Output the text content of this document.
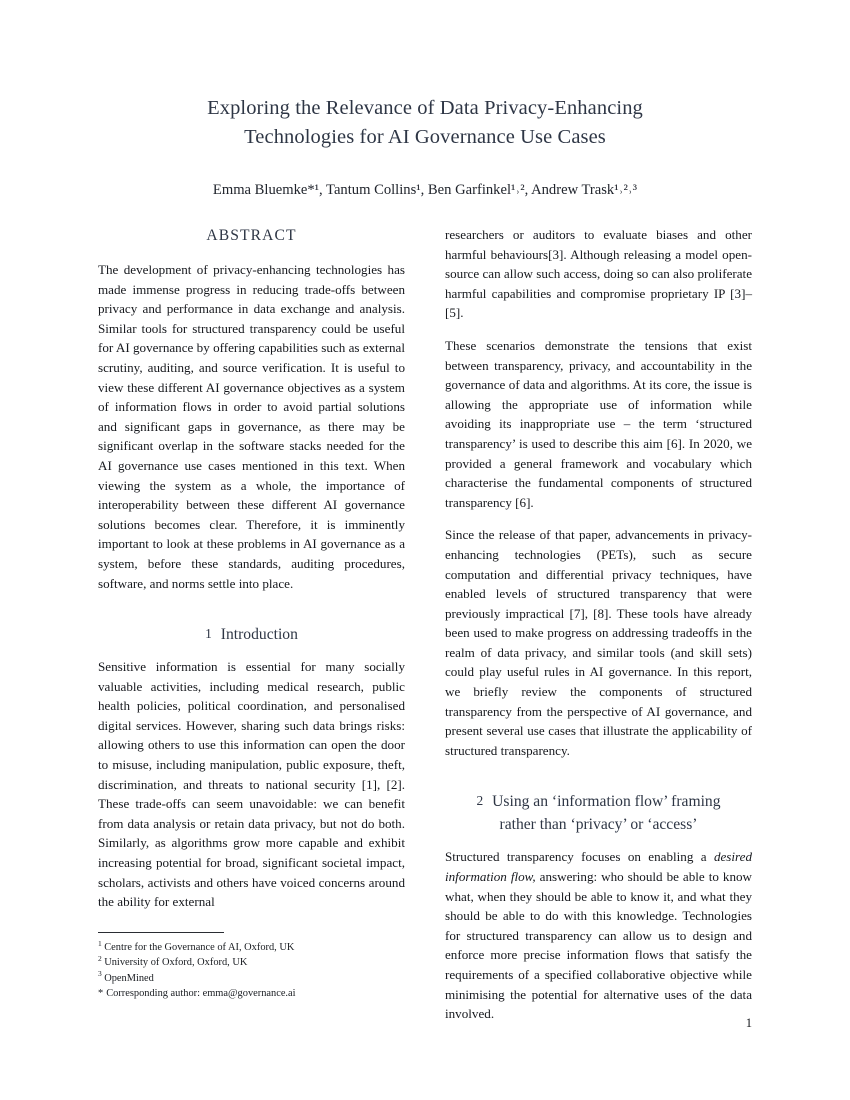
Exploring the Relevance of Data Privacy-Enhancing
Technologies for AI Governance Use Cases

Emma Bluemke*¹, Tantum Collins¹, Ben Garfinkel¹˒², Andrew Trask¹˒²˒³

ABSTRACT

The development of privacy-enhancing technologies has made immense progress in reducing trade-offs between privacy and performance in data exchange and analysis. Similar tools for structured transparency could be useful for AI governance by offering capabilities such as external scrutiny, auditing, and source verification. It is useful to view these different AI governance objectives as a system of information flows in order to avoid partial solutions and significant gaps in governance, as there may be significant overlap in the software stacks needed for the AI governance use cases mentioned in this text. When viewing the system as a whole, the importance of interoperability between these different AI governance solutions becomes clear. Therefore, it is imminently important to look at these problems in AI governance as a system, before these standards, auditing procedures, software, and norms settle into place.

1 Introduction

Sensitive information is essential for many socially valuable activities, including medical research, public health policies, political coordination, and personalised digital services. However, sharing such data brings risks: allowing others to use this information can open the door to misuse, including manipulation, public exposure, theft, discrimination, and threats to national security [1], [2]. These trade-offs can seem unavoidable: we can benefit from data analysis or retain data privacy, but not do both. Similarly, as algorithms grow more capable and exhibit increasing potential for broad, significant societal impact, scholars, activists and others have voiced concerns around the ability for external

researchers or auditors to evaluate biases and other harmful behaviours[3]. Although releasing a model open-source can allow such access, doing so can also proliferate harmful capabilities and compromise proprietary IP [3]–[5].

These scenarios demonstrate the tensions that exist between transparency, privacy, and accountability in the governance of data and algorithms. At its core, the issue is allowing the appropriate use of information while avoiding its inappropriate use – the term ‘structured transparency’ is used to describe this aim [6]. In 2020, we provided a general framework and vocabulary which characterise the fundamental components of structured transparency [6].

Since the release of that paper, advancements in privacy-enhancing technologies (PETs), such as secure computation and differential privacy techniques, have enabled levels of structured transparency that were previously impractical [7], [8]. These tools have already been used to make progress on addressing tradeoffs in the realm of data privacy, and similar tools (and skill sets) could play useful rules in AI governance. In this report, we briefly review the components of structured transparency from the perspective of AI governance, and present several use cases that illustrate the applicability of structured transparency.

2 Using an ‘information flow’ framing
rather than ‘privacy’ or ‘access’

Structured transparency focuses on enabling a desired information flow, answering: who should be able to know what, when they should be able to know it, and what they should be able to do with this knowledge. Technologies for structured transparency can allow us to design and enforce more precise information flows that satisfy the requirements of a specified collaborative objective while minimising the potential for alternative uses of the data involved.

$^1$ Centre for the Governance of AI, Oxford, UK

$^2$ University of Oxford, Oxford, UK

$^3$ OpenMined

* Corresponding author: emma@governance.ai

1
